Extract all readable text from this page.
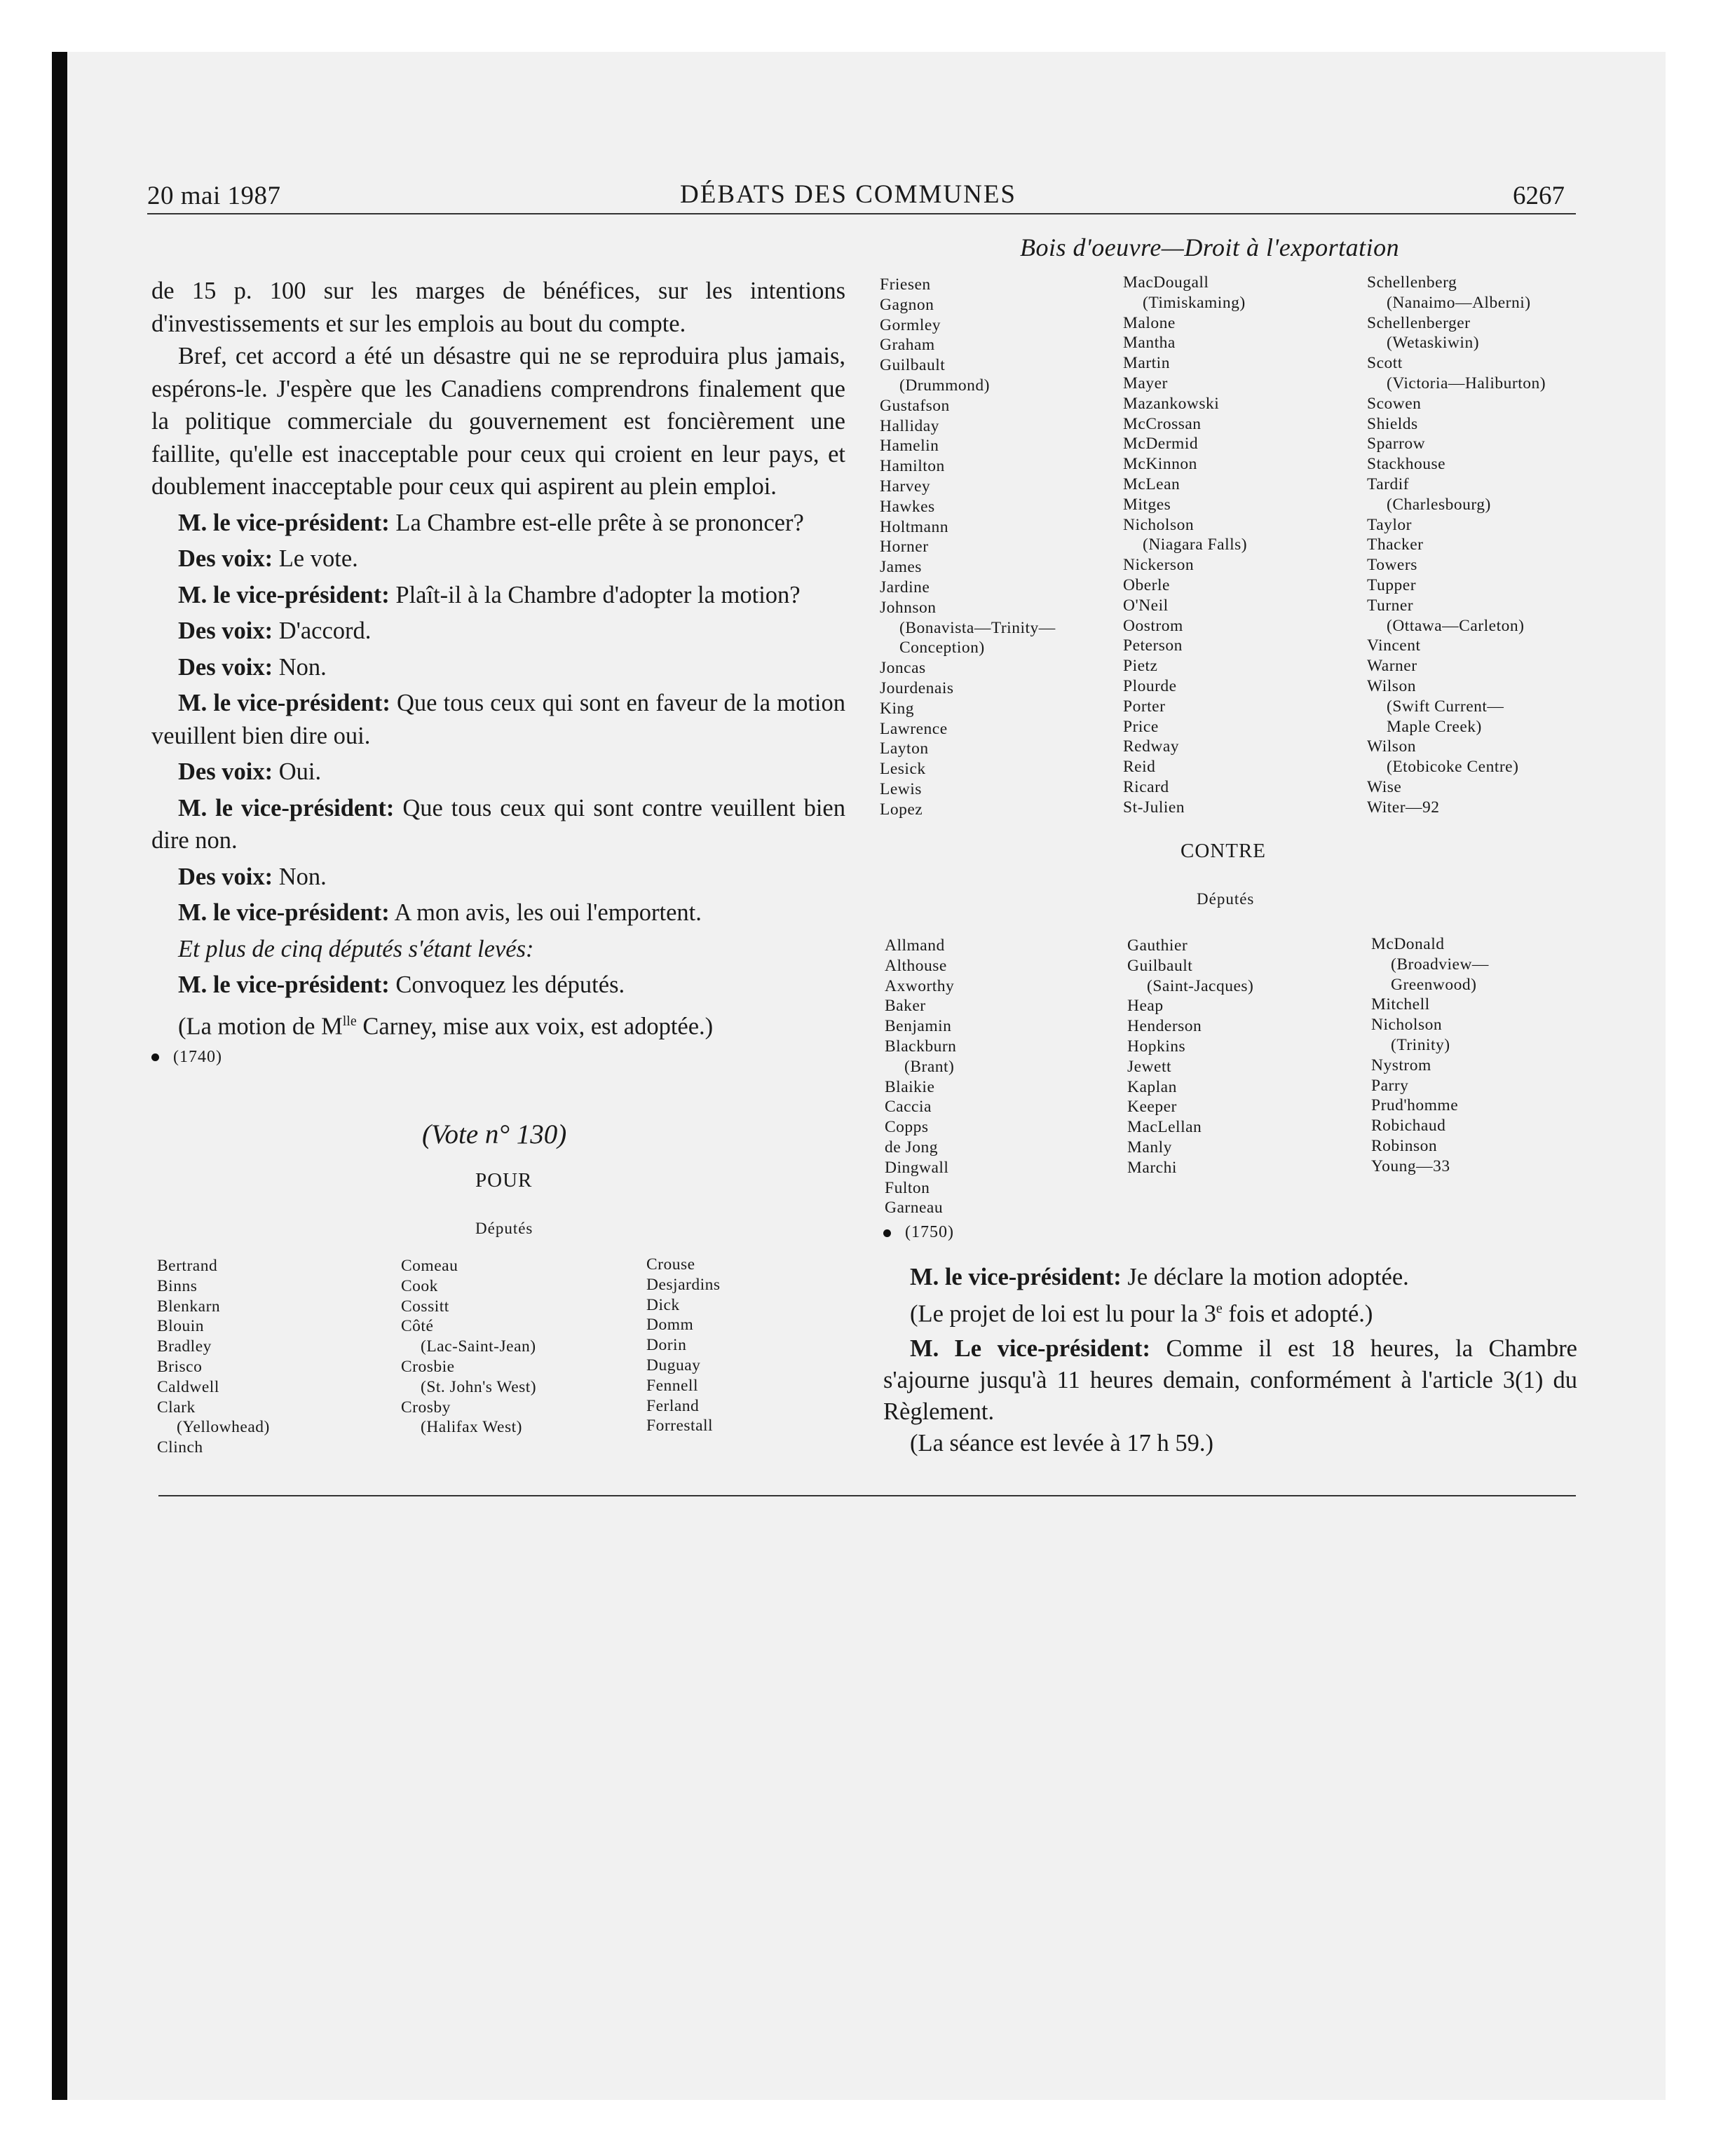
20 mai 1987	DÉBATS DES COMMUNES	6267
Bois d'oeuvre—Droit à l'exportation

de 15 p. 100 sur les marges de bénéfices, sur les intentions d'investissements et sur les emplois au bout du compte.

Bref, cet accord a été un désastre qui ne se reproduira plus jamais, espérons-le. J'espère que les Canadiens comprendrons finalement que la politique commerciale du gouvernement est foncièrement une faillite, qu'elle est inacceptable pour ceux qui croient en leur pays, et doublement inacceptable pour ceux qui aspirent au plein emploi.

M. le vice-président: La Chambre est-elle prête à se prononcer?

Des voix: Le vote.

M. le vice-président: Plaît-il à la Chambre d'adopter la motion?

Des voix: D'accord.

Des voix: Non.

M. le vice-président: Que tous ceux qui sont en faveur de la motion veuillent bien dire oui.

Des voix: Oui.

M. le vice-président: Que tous ceux qui sont contre veuillent bien dire non.

Des voix: Non.

M. le vice-président: A mon avis, les oui l'emportent.

Et plus de cinq députés s'étant levés:

M. le vice-président: Convoquez les députés.

(La motion de $M^{lle}$ Carney, mise aux voix, est adoptée.)

(1740)

(Vote n° 130)
POUR
Députés
Bertrand
Binns
Blenkarn
Blouin
Bradley
Brisco
Caldwell
Clark
(Yellowhead)
Clinch
Comeau
Cook
Cossitt
Côté
(Lac-Saint-Jean)
Crosbie
(St. John's West)
Crosby
(Halifax West)
Crouse
Desjardins
Dick
Domm
Dorin
Duguay
Fennell
Ferland
Forrestall
Friesen
Gagnon
Gormley
Graham
Guilbault
(Drummond)
Gustafson
Halliday
Hamelin
Hamilton
Harvey
Hawkes
Holtmann
Horner
James
Jardine
Johnson
(Bonavista—Trinity—
Conception)
Joncas
Jourdenais
King
Lawrence
Layton
Lesick
Lewis
Lopez
MacDougall
(Timiskaming)
Malone
Mantha
Martin
Mayer
Mazankowski
McCrossan
McDermid
McKinnon
McLean
Mitges
Nicholson
(Niagara Falls)
Nickerson
Oberle
O'Neil
Oostrom
Peterson
Pietz
Plourde
Porter
Price
Redway
Reid
Ricard
St-Julien
Schellenberg
(Nanaimo—Alberni)
Schellenberger
(Wetaskiwin)
Scott
(Victoria—Haliburton)
Scowen
Shields
Sparrow
Stackhouse
Tardif
(Charlesbourg)
Taylor
Thacker
Towers
Tupper
Turner
(Ottawa—Carleton)
Vincent
Warner
Wilson
(Swift Current—
Maple Creek)
Wilson
(Etobicoke Centre)
Wise
Witer—92
CONTRE
Députés
Allmand
Althouse
Axworthy
Baker
Benjamin
Blackburn
(Brant)
Blaikie
Caccia
Copps
de Jong
Dingwall
Fulton
Garneau
Gauthier
Guilbault
(Saint-Jacques)
Heap
Henderson
Hopkins
Jewett
Kaplan
Keeper
MacLellan
Manly
Marchi
McDonald
(Broadview—
Greenwood)
Mitchell
Nicholson
(Trinity)
Nystrom
Parry
Prud'homme
Robichaud
Robinson
Young—33
(1750)

M. le vice-président: Je déclare la motion adoptée.

(Le projet de loi est lu pour la 3e fois et adopté.)

M. Le vice-président: Comme il est 18 heures, la Chambre s'ajourne jusqu'à 11 heures demain, conformément à l'article 3(1) du Règlement.

(La séance est levée à 17 h 59.)
